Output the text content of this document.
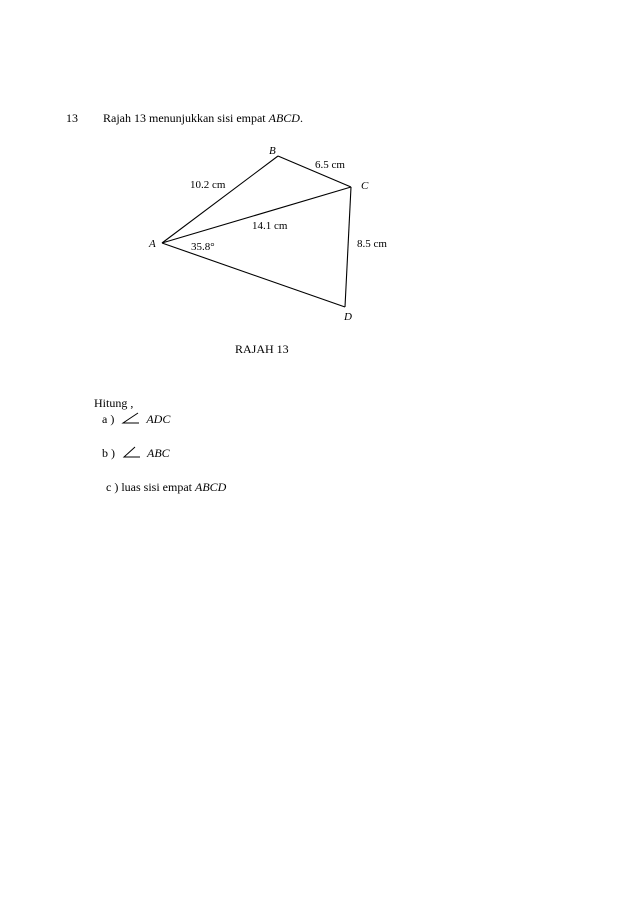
13 Rajah 13 menunjukkan sisi empat ABCD.
A
B
C
D
10.2 cm
6.5 cm
14.1 cm
8.5 cm
35.8°
RAJAH 13
Hitung ,
a )	ADC
b )	ABC
c ) luas sisi empat ABCD
